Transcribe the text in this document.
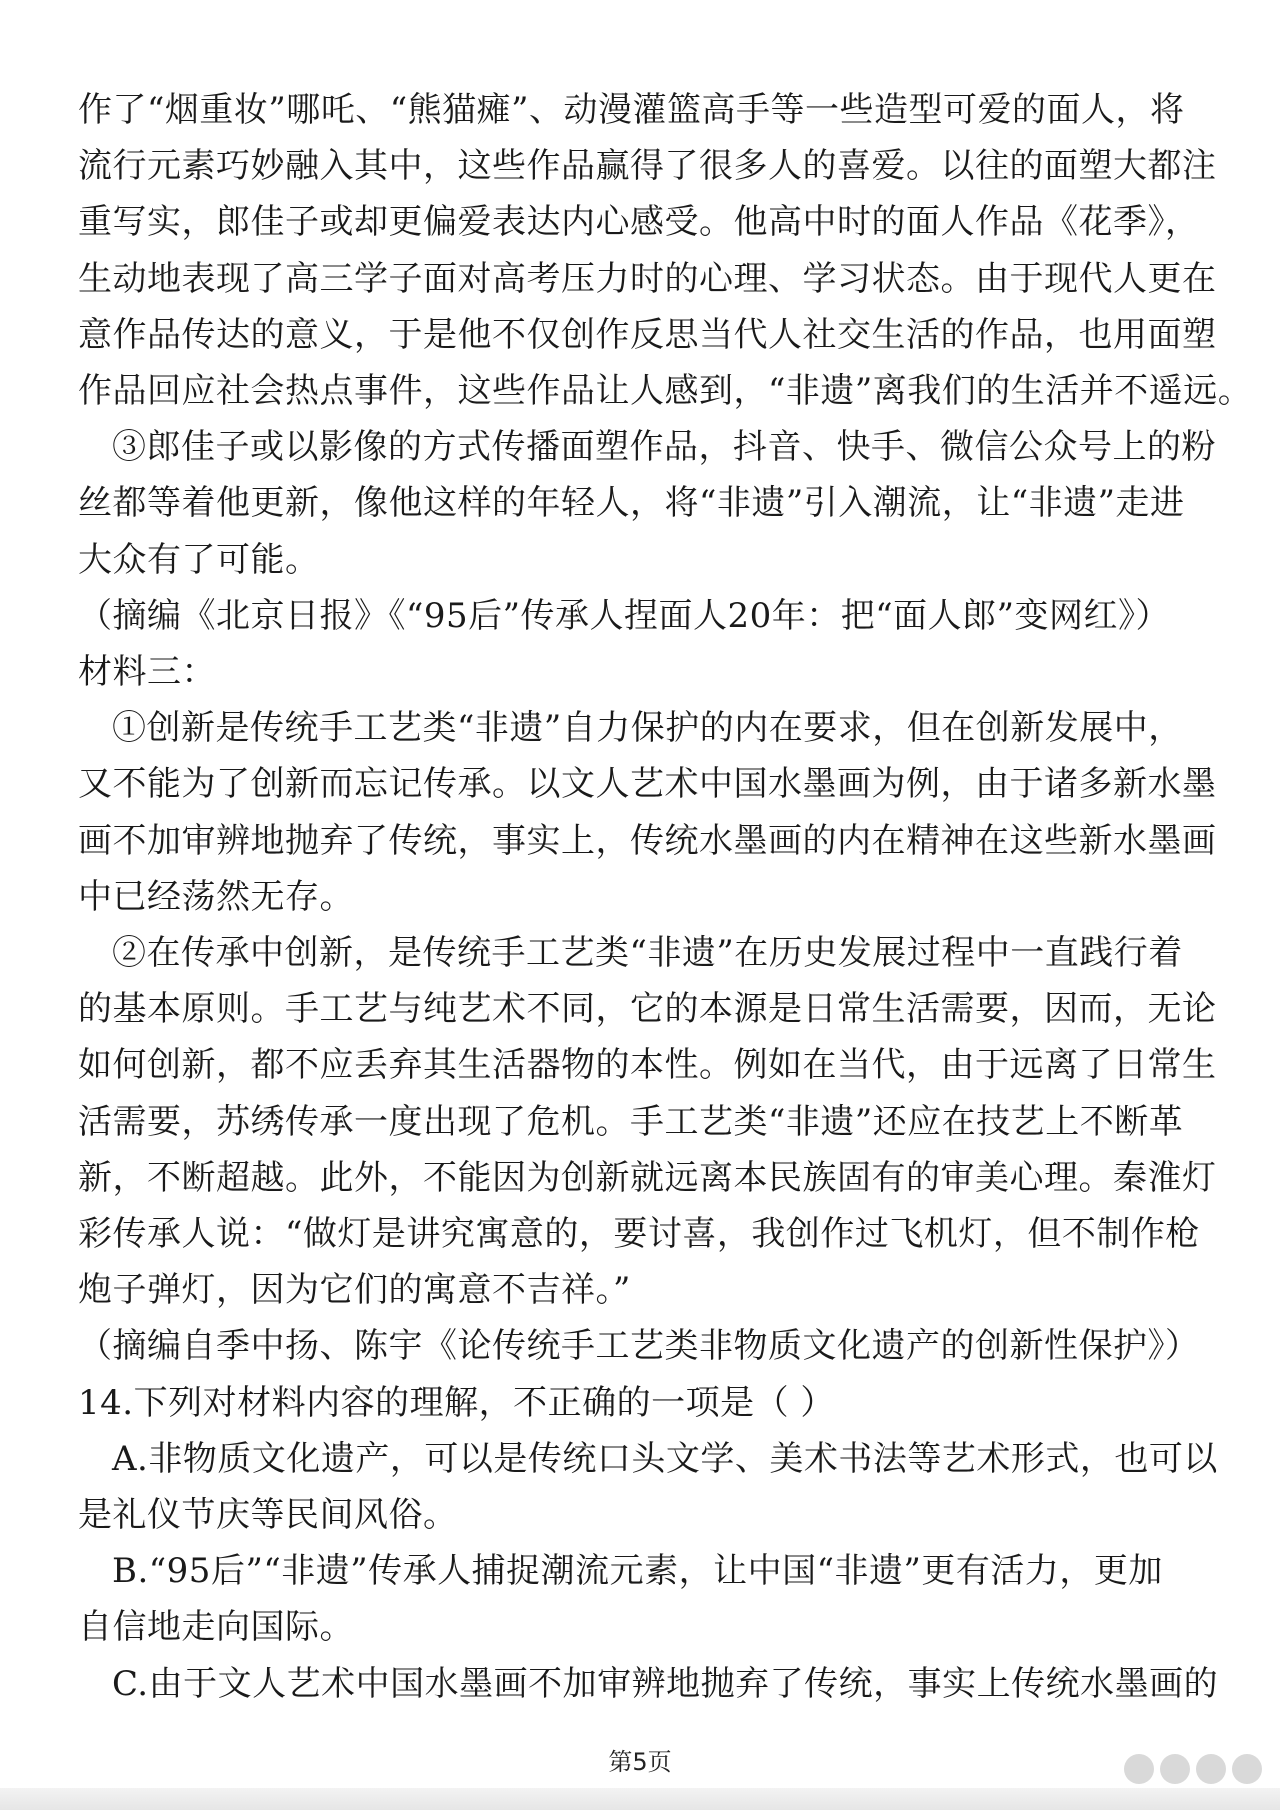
作了“烟重妆”哪吒、“熊猫瘫”、动漫灌篮高手等一些造型可爱的面人，将
流行元素巧妙融入其中，这些作品赢得了很多人的喜爱。以往的面塑大都注
重写实，郎佳子或却更偏爱表达内心感受。他高中时的面人作品《花季》，
生动地表现了高三学子面对高考压力时的心理、学习状态。由于现代人更在
意作品传达的意义，于是他不仅创作反思当代人社交生活的作品，也用面塑
作品回应社会热点事件，这些作品让人感到，“非遗”离我们的生活并不遥远。
③郎佳子或以影像的方式传播面塑作品，抖音、快手、微信公众号上的粉
丝都等着他更新，像他这样的年轻人，将“非遗”引入潮流，让“非遗”走进
大众有了可能。
（摘编《北京日报》《“95后”传承人捏面人20年：把“面人郎”变网红》）
材料三：
①创新是传统手工艺类“非遗”自力保护的内在要求，但在创新发展中，
又不能为了创新而忘记传承。以文人艺术中国水墨画为例，由于诸多新水墨
画不加审辨地抛弃了传统，事实上，传统水墨画的内在精神在这些新水墨画
中已经荡然无存。
②在传承中创新，是传统手工艺类“非遗”在历史发展过程中一直践行着
的基本原则。手工艺与纯艺术不同，它的本源是日常生活需要，因而，无论
如何创新，都不应丢弃其生活器物的本性。例如在当代，由于远离了日常生
活需要，苏绣传承一度出现了危机。手工艺类“非遗”还应在技艺上不断革
新，不断超越。此外，不能因为创新就远离本民族固有的审美心理。秦淮灯
彩传承人说：“做灯是讲究寓意的，要讨喜，我创作过飞机灯，但不制作枪
炮子弹灯，因为它们的寓意不吉祥。”
（摘编自季中扬、陈宇《论传统手工艺类非物质文化遗产的创新性保护》）
14.下列对材料内容的理解，不正确的一项是（ ）
A.非物质文化遗产，可以是传统口头文学、美术书法等艺术形式，也可以
是礼仪节庆等民间风俗。
B.“95后”“非遗”传承人捕捉潮流元素，让中国“非遗”更有活力，更加
自信地走向国际。
C.由于文人艺术中国水墨画不加审辨地抛弃了传统，事实上传统水墨画的
第5页
